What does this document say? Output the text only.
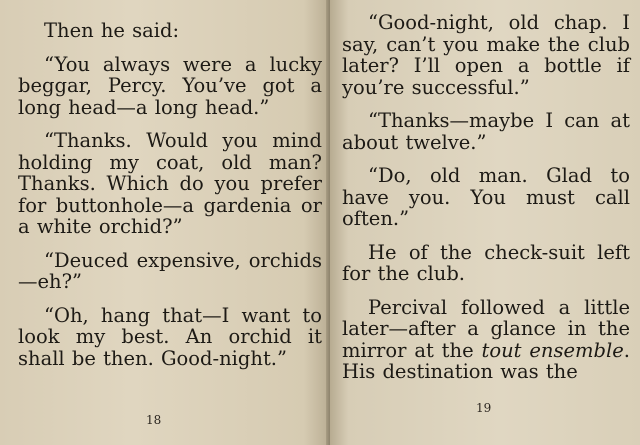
Then he said:

“You always were a lucky beggar, Percy. You’ve got a long head—a long head.”

“Thanks. Would you mind holding my coat, old man? Thanks. Which do you prefer for buttonhole—a gardenia or a white orchid?”

“Deuced expensive, orchids—eh?”

“Oh, hang that—I want to look my best. An orchid it shall be then. Good-night.”

“Good-night, old chap. I say, can’t you make the club later? I’ll open a bottle if you’re successful.”

“Thanks—maybe I can at about twelve.”

“Do, old man. Glad to have you. You must call often.”

He of the check-suit left for the club.

Percival followed a little later—after a glance in the mirror at the tout ensemble. His destination was the

18
19
